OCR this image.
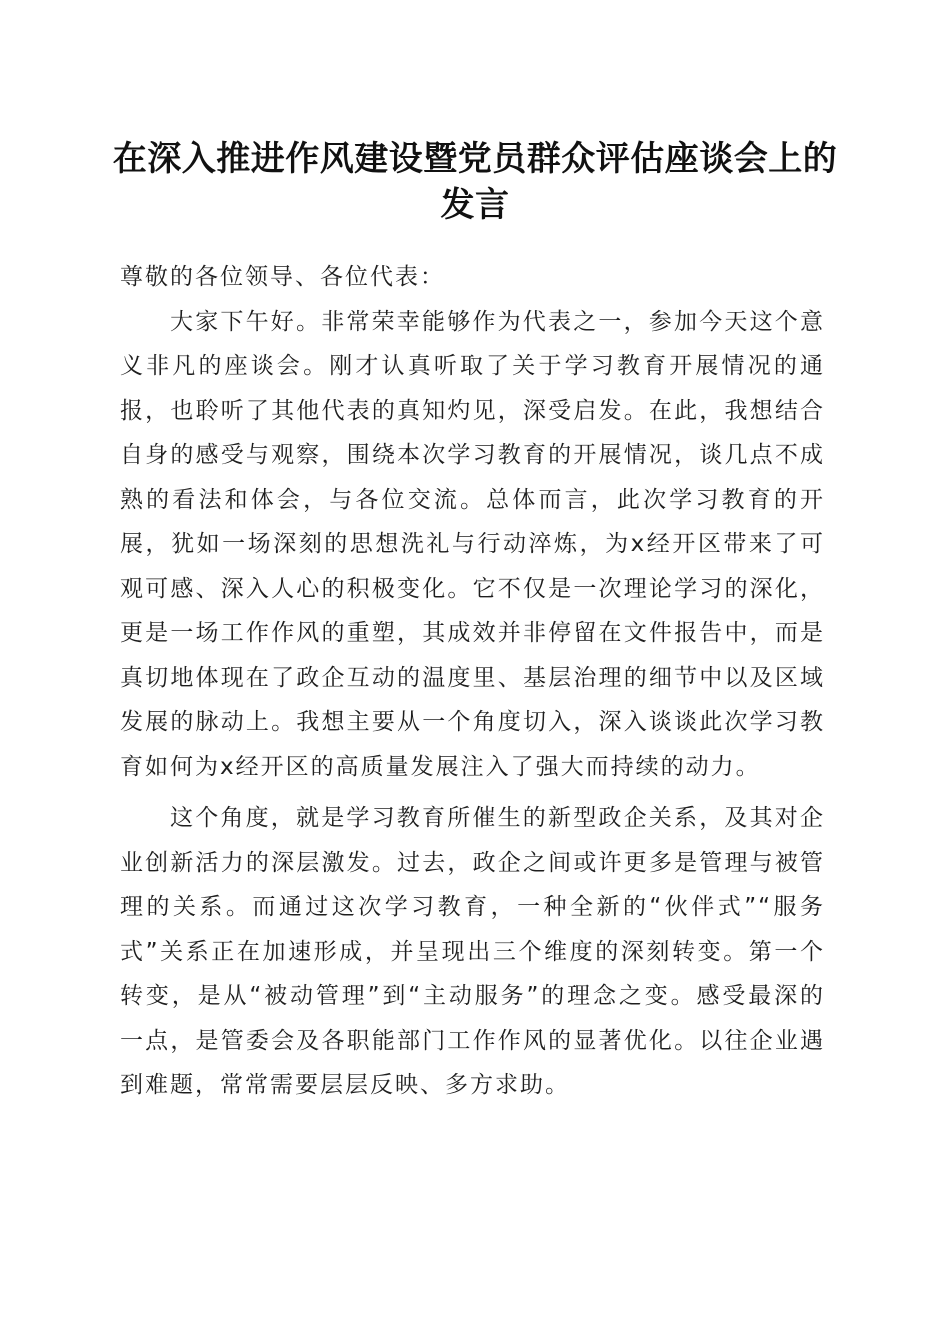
在深入推进作风建设暨党员群众评估座谈会上的发言

尊敬的各位领导、各位代表：

大家下午好。非常荣幸能够作为代表之一，参加今天这个意义非凡的座谈会。刚才认真听取了关于学习教育开展情况的通报，也聆听了其他代表的真知灼见，深受启发。在此，我想结合自身的感受与观察，围绕本次学习教育的开展情况，谈几点不成熟的看法和体会，与各位交流。总体而言，此次学习教育的开展，犹如一场深刻的思想洗礼与行动淬炼，为x经开区带来了可观可感、深入人心的积极变化。它不仅是一次理论学习的深化，更是一场工作作风的重塑，其成效并非停留在文件报告中，而是真切地体现在了政企互动的温度里、基层治理的细节中以及区域发展的脉动上。我想主要从一个角度切入，深入谈谈此次学习教育如何为x经开区的高质量发展注入了强大而持续的动力。

这个角度，就是学习教育所催生的新型政企关系，及其对企业创新活力的深层激发。过去，政企之间或许更多是管理与被管理的关系。而通过这次学习教育，一种全新的“伙伴式”“服务式”关系正在加速形成，并呈现出三个维度的深刻转变。第一个转变，是从“被动管理”到“主动服务”的理念之变。感受最深的一点，是管委会及各职能部门工作作风的显著优化。以往企业遇到难题，常常需要层层反映、多方求助。
